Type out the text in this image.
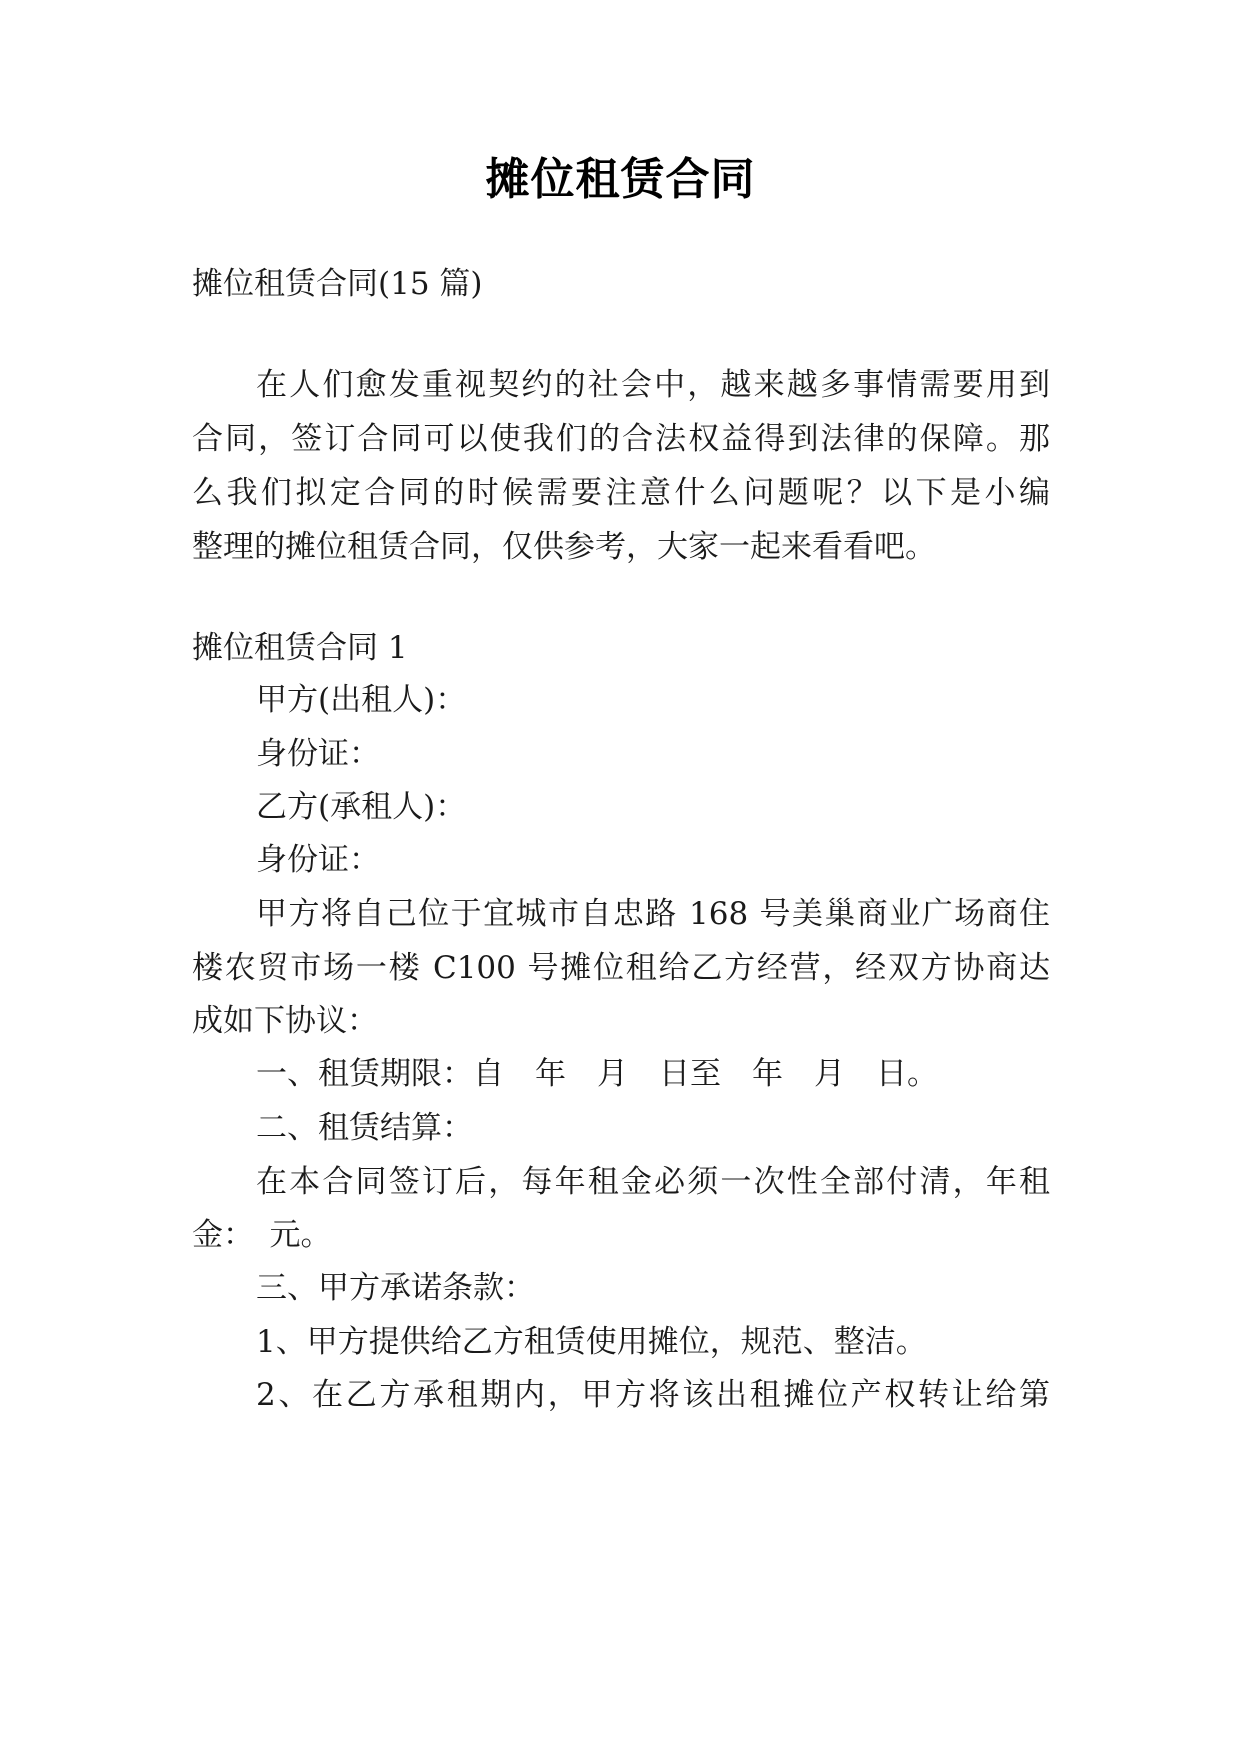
摊位租赁合同
摊位租赁合同(15 篇)
在人们愈发重视契约的社会中，越来越多事情需要用到
合同，签订合同可以使我们的合法权益得到法律的保障。那
么我们拟定合同的时候需要注意什么问题呢？以下是小编
整理的摊位租赁合同，仅供参考，大家一起来看看吧。
摊位租赁合同 1
甲方(出租人)：
身份证：
乙方(承租人)：
身份证：
甲方将自己位于宜城市自忠路 168 号美巢商业广场商住
楼农贸市场一楼 C100 号摊位租给乙方经营，经双方协商达
成如下协议：
一、租赁期限：自　年　月　日至　年　月　日。
二、租赁结算：
在本合同签订后，每年租金必须一次性全部付清，年租
金：　元。
三、甲方承诺条款：
1、甲方提供给乙方租赁使用摊位，规范、整洁。
2、在乙方承租期内，甲方将该出租摊位产权转让给第
